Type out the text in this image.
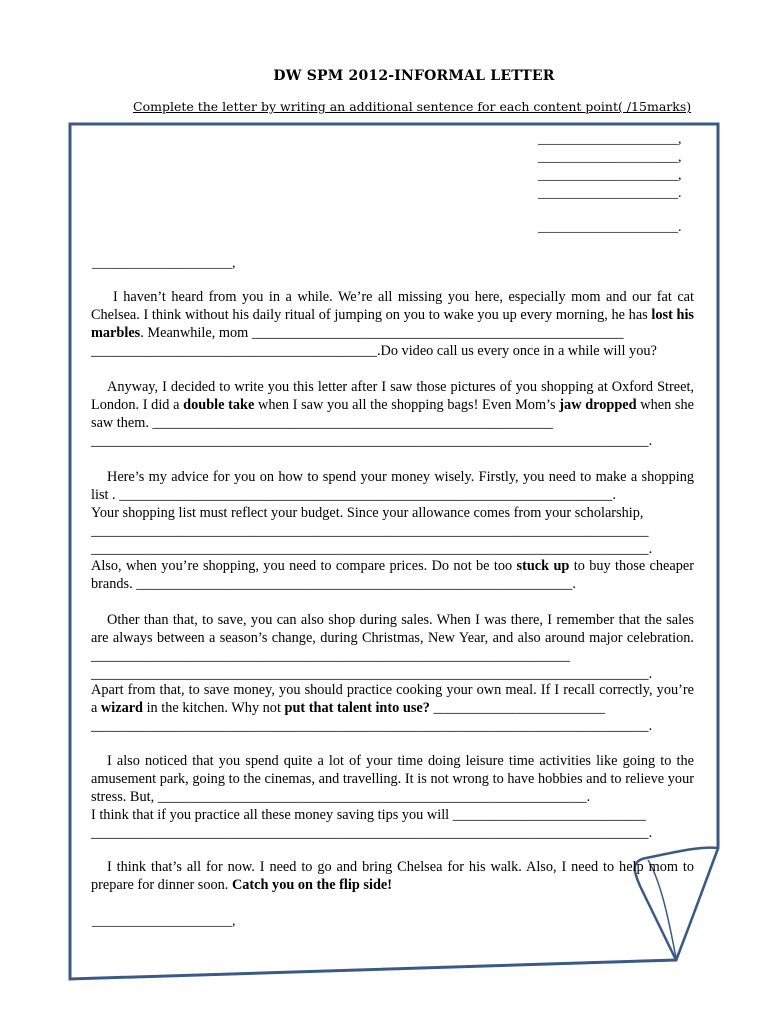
DW SPM 2012-INFORMAL LETTER
Complete the letter by writing an additional sentence for each content point( /15marks)
____________________,
____________________,
____________________,
____________________.
____________________.
____________________,

I haven’t heard from you in a while. We’re all missing you here, especially mom and our fat cat Chelsea. I think without his daily ritual of jumping on you to wake you up every morning, he has lost his marbles. Meanwhile, mom ____________________________________________________

________________________________________.Do video call us every once in a while will you?

Anyway, I decided to write you this letter after I saw those pictures of you shopping at Oxford Street, London. I did a double take when I saw you all the shopping bags! Even Mom’s jaw dropped when she saw them. ________________________________________________________

______________________________________________________________________________.

Here’s my advice for you on how to spend your money wisely. Firstly, you need to make a shopping list . _____________________________________________________________________.

Your shopping list must reflect your budget. Since your allowance comes from your scholarship,

______________________________________________________________________________
______________________________________________________________________________.

Also, when you’re shopping, you need to compare prices. Do not be too stuck up to buy those cheaper brands. _____________________________________________________________.

Other than that, to save, you can also shop during sales. When I was there, I remember that the sales are always between a season’s change, during Christmas, New Year, and also around major celebration. ___________________________________________________________________

______________________________________________________________________________.

Apart from that, to save money, you should practice cooking your own meal. If I recall correctly, you’re a wizard in the kitchen. Why not put that talent into use? ________________________

______________________________________________________________________________.

I also noticed that you spend quite a lot of your time doing leisure time activities like going to the amusement park, going to the cinemas, and travelling. It is not wrong to have hobbies and to relieve your stress. But, ____________________________________________________________.

I think that if you practice all these money saving tips you will ___________________________

______________________________________________________________________________.

I think that’s all for now. I need to go and bring Chelsea for his walk. Also, I need to help mom to prepare for dinner soon. Catch you on the flip side!

____________________,
